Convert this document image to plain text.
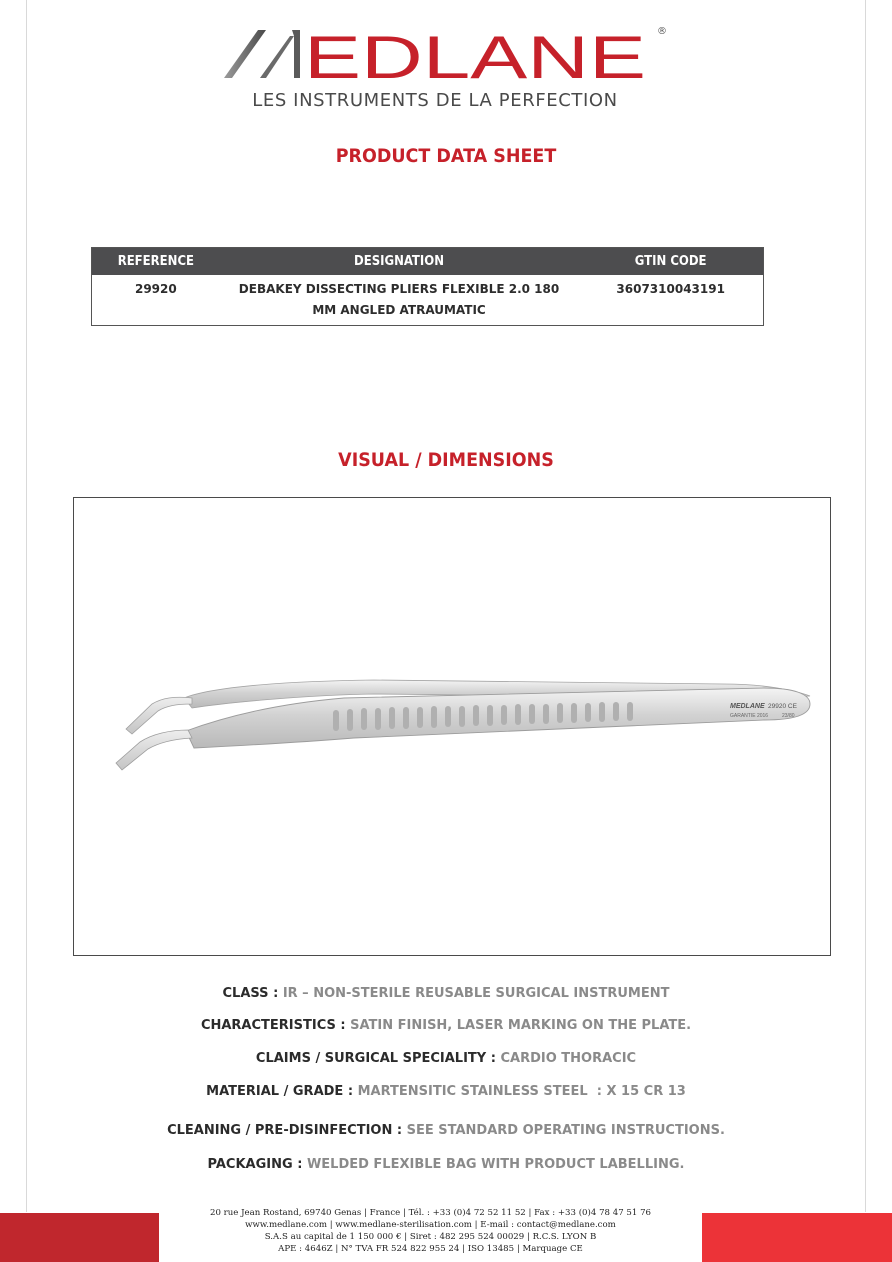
EDLANE ®
LES INSTRUMENTS DE LA PERFECTION
PRODUCT DATA SHEET
REFERENCE	DESIGNATION	GTIN CODE
29920	DEBAKEY DISSECTING PLIERS FLEXIBLE 2.0 180 MM ANGLED ATRAUMATIC	3607310043191
VISUAL / DIMENSIONS
MEDLANE 29920 CE
GARANTIE 2016	23/80
CLASS : IR – NON-STERILE REUSABLE SURGICAL INSTRUMENT
CHARACTERISTICS : SATIN FINISH, LASER MARKING ON THE PLATE.
CLAIMS / SURGICAL SPECIALITY : CARDIO THORACIC
MATERIAL / GRADE : MARTENSITIC STAINLESS STEEL  : X 15 CR 13
CLEANING / PRE-DISINFECTION : SEE STANDARD OPERATING INSTRUCTIONS.
PACKAGING : WELDED FLEXIBLE BAG WITH PRODUCT LABELLING.
20 rue Jean Rostand, 69740 Genas | France | Tél. : +33 (0)4 72 52 11 52 | Fax : +33 (0)4 78 47 51 76
www.medlane.com | www.medlane-sterilisation.com | E-mail : contact@medlane.com
S.A.S au capital de 1 150 000 € | Siret : 482 295 524 00029 | R.C.S. LYON B
APE : 4646Z | N° TVA FR 524 822 955 24 | ISO 13485 | Marquage CE
